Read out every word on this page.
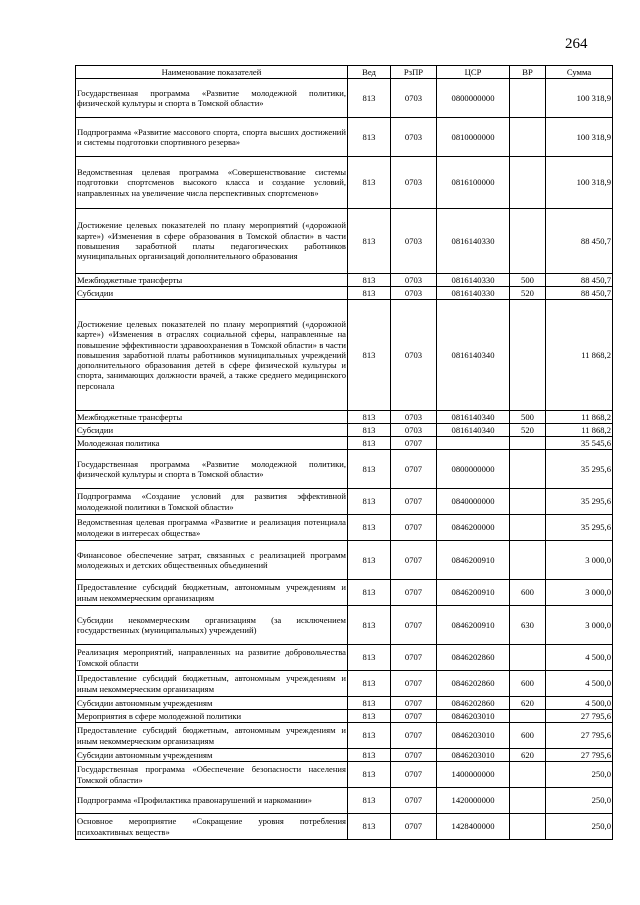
264
Наименование показателей	Вед	РзПР	ЦСР	ВР	Сумма
Государственная программа «Развитие молодежной политики, физической культуры и спорта в Томской области»	813	0703	0800000000		100 318,9
Подпрограмма «Развитие массового спорта, спорта высших достижений и системы подготовки спортивного резерва»	813	0703	0810000000		100 318,9
Ведомственная целевая программа «Совершенствование системы подготовки спортсменов высокого класса и создание условий, направленных на увеличение числа перспективных спортсменов»	813	0703	0816100000		100 318,9
Достижение целевых показателей по плану мероприятий («дорожной карте») «Изменения в сфере образования в Томской области» в части повышения заработной платы педагогических работников муниципальных организаций дополнительного образования	813	0703	0816140330		88 450,7
Межбюджетные трансферты	813	0703	0816140330	500	88 450,7
Субсидии	813	0703	0816140330	520	88 450,7
Достижение целевых показателей по плану мероприятий («дорожной карте») «Изменения в отраслях социальной сферы, направленные на повышение эффективности здравоохранения в Томской области» в части повышения заработной платы работников муниципальных учреждений дополнительного образования детей в сфере физической культуры и спорта, занимающих должности врачей, а также среднего медицинского персонала	813	0703	0816140340		11 868,2
Межбюджетные трансферты	813	0703	0816140340	500	11 868,2
Субсидии	813	0703	0816140340	520	11 868,2
Молодежная политика	813	0707			35 545,6
Государственная программа «Развитие молодежной политики, физической культуры и спорта в Томской области»	813	0707	0800000000		35 295,6
Подпрограмма «Создание условий для развития эффективной молодежной политики в Томской области»	813	0707	0840000000		35 295,6
Ведомственная целевая программа «Развитие и реализация потенциала молодежи в интересах общества»	813	0707	0846200000		35 295,6
Финансовое обеспечение затрат, связанных с реализацией программ молодежных и детских общественных объединений	813	0707	0846200910		3 000,0
Предоставление субсидий бюджетным, автономным учреждениям и иным некоммерческим организациям	813	0707	0846200910	600	3 000,0
Субсидии некоммерческим организациям (за исключением государственных (муниципальных) учреждений)	813	0707	0846200910	630	3 000,0
Реализация мероприятий, направленных на развитие добровольчества Томской области	813	0707	0846202860		4 500,0
Предоставление субсидий бюджетным, автономным учреждениям и иным некоммерческим организациям	813	0707	0846202860	600	4 500,0
Субсидии автономным учреждениям	813	0707	0846202860	620	4 500,0
Мероприятия в сфере молодежной политики	813	0707	0846203010		27 795,6
Предоставление субсидий бюджетным, автономным учреждениям и иным некоммерческим организациям	813	0707	0846203010	600	27 795,6
Субсидии автономным учреждениям	813	0707	0846203010	620	27 795,6
Государственная программа «Обеспечение безопасности населения Томской области»	813	0707	1400000000		250,0
Подпрограмма «Профилактика правонарушений и наркомании»	813	0707	1420000000		250,0
Основное мероприятие «Сокращение уровня потребления психоактивных веществ»	813	0707	1428400000		250,0
